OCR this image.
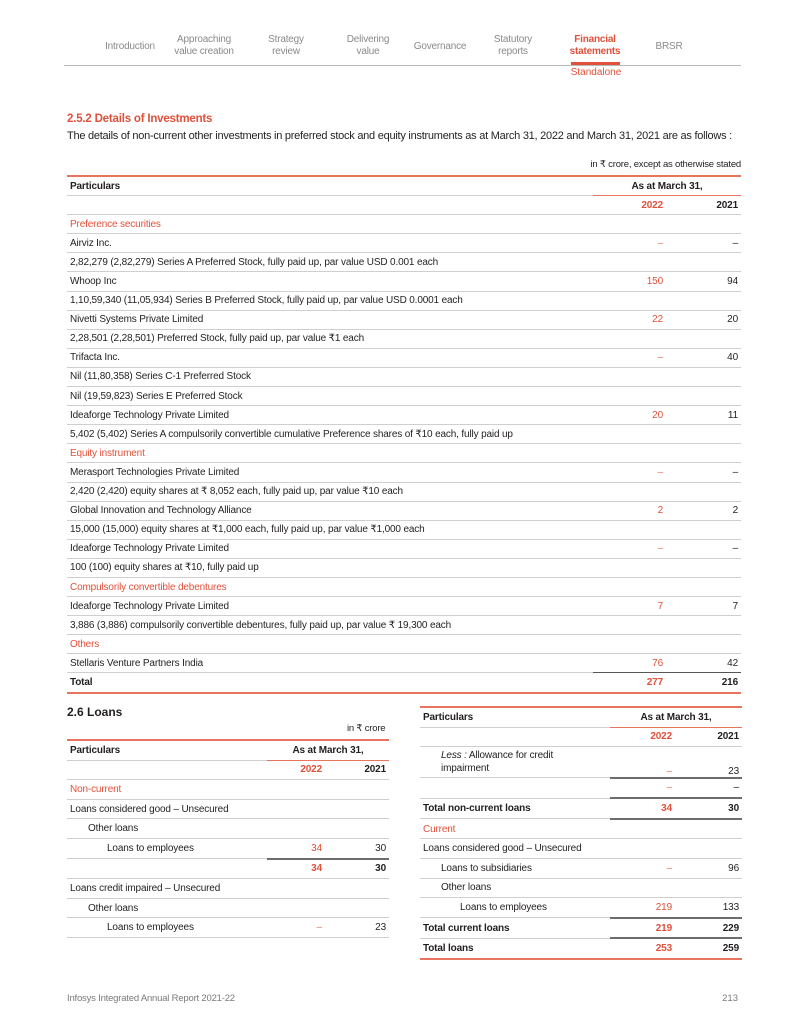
Introduction
Approaching
value creation
Strategy
review
Delivering
value	Governance
Statutory
reports
Financial
statements	BRSR
Standalone
2.5.2 Details of Investments
The details of non-current other investments in preferred stock and equity instruments as at March 31, 2022 and March 31, 2021 are as follows :
in ₹ crore, except as otherwise stated
Particulars	As at March 31,	
	2022	2021
Preference securities		
Airviz Inc.	–	–
2,82,279 (2,82,279) Series A Preferred Stock, fully paid up, par value USD 0.001 each		
Whoop Inc	150	94
1,10,59,340 (11,05,934) Series B Preferred Stock, fully paid up, par value USD 0.0001 each		
Nivetti Systems Private Limited	22	20
2,28,501 (2,28,501) Preferred Stock, fully paid up, par value ₹1 each		
Trifacta Inc.	–	40
Nil (11,80,358) Series C-1 Preferred Stock		
Nil (19,59,823) Series E Preferred Stock		
Ideaforge Technology Private Limited	20	11
5,402 (5,402) Series A compulsorily convertible cumulative Preference shares of ₹10 each, fully paid up		
Equity instrument		
Merasport Technologies Private Limited	–	–
2,420 (2,420) equity shares at ₹ 8,052 each, fully paid up, par value ₹10 each		
Global Innovation and Technology Alliance	2	2
15,000 (15,000) equity shares at ₹1,000 each, fully paid up, par value ₹1,000 each		
Ideaforge Technology Private Limited	–	–
100 (100) equity shares at ₹10, fully paid up		
Compulsorily convertible debentures		
Ideaforge Technology Private Limited	7	7
3,886 (3,886) compulsorily convertible debentures, fully paid up, par value ₹ 19,300 each		
Others		
Stellaris Venture Partners India	76	42
Total	277	216
2.6 Loans
in ₹ crore
Particulars	As at March 31,	
	2022	2021
Non-current		
Loans considered good – Unsecured		
Other loans		
Loans to employees	34	30
	34	30
Loans credit impaired – Unsecured		
Other loans		
Loans to employees	–	23
Particulars	As at March 31,	
	2022	2021
Less : Allowance for credit
impairment	–	23
	–	–
Total non-current loans	34	30
Current		
Loans considered good – Unsecured		
Loans to subsidiaries	–	96
Other loans		
Loans to employees	219	133
Total current loans	219	229
Total loans	253	259
Infosys Integrated Annual Report 2021-22	213
